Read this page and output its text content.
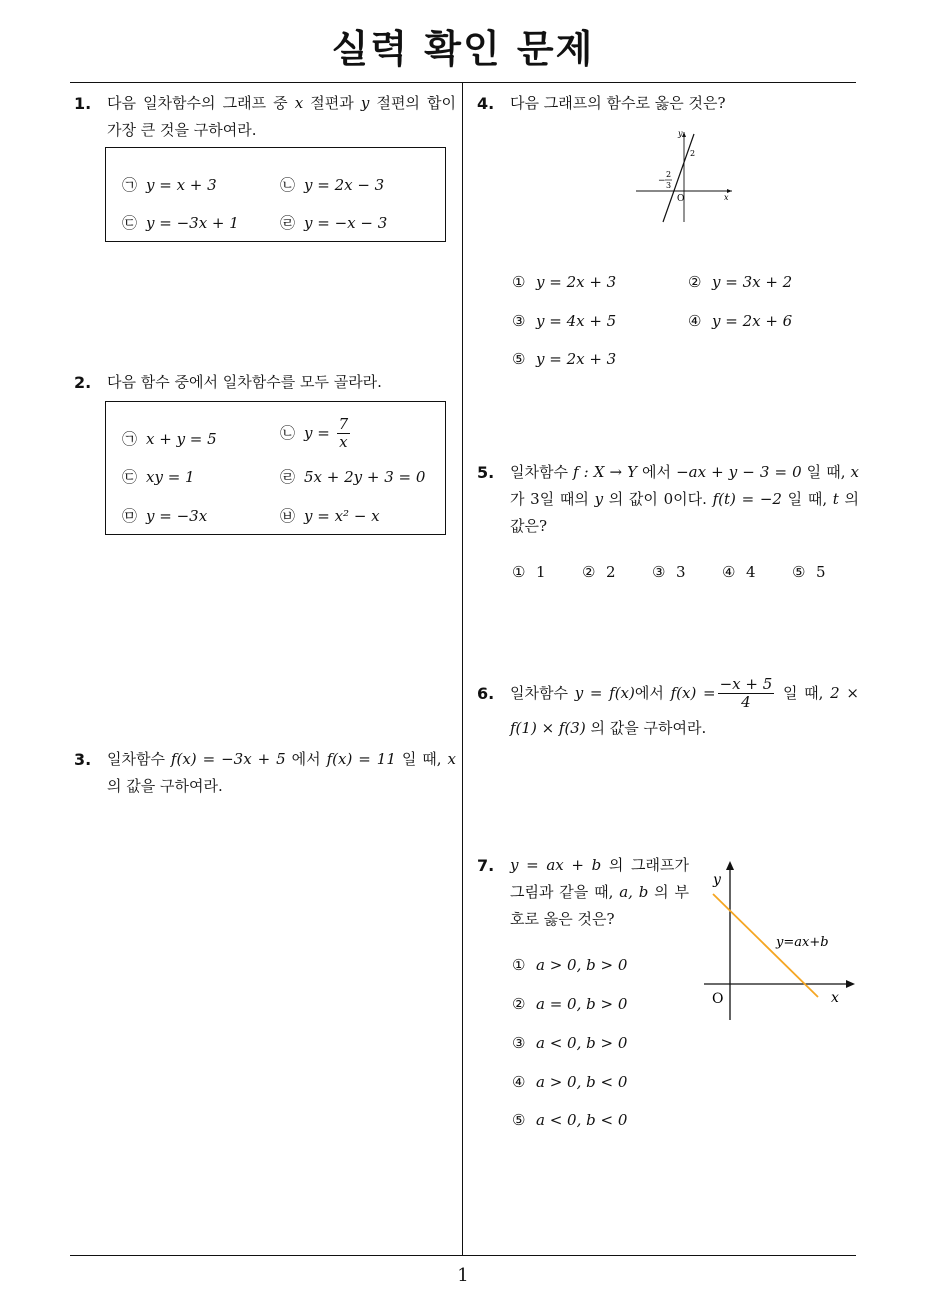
실력 확인 문제
1
1. 다음 일차함수의 그래프 중 x 절편과 y 절편의 합이 가장 큰 것을 구하여라.
㉠ y = x + 3	㉡ y = 2x − 3
㉢ y = −3x + 1	㉣ y = −x − 3
2. 다음 함수 중에서 일차함수를 모두 골라라.
㉠ x + y = 5	㉡ $y = \frac{7}{x}$
㉢ xy = 1	㉣ 5x + 2y + 3 = 0
㉤ y = −3x	㉥ y = x² − x
3. 일차함수 f(x) = −3x + 5 에서 f(x) = 11 일 때, x 의 값을 구하여라.
4. 다음 그래프의 함수로 옳은 것은?
y
x
O
2
−
2
3
① y = 2x + 3	② y = 3x + 2
③ y = 4x + 5	④ y = 2x + 6
⑤ y = 2x + 3
5. 일차함수 f : X → Y 에서 −ax + y − 3 = 0 일 때, x 가 3일 때의 y 의 값이 0이다. f(t) = −2 일 때, t 의 값은?
① 1 ② 2 ③ 3 ④ 4 ⑤ 5
6. 일차함수 y = f(x)에서 $f(x) = \frac{-x + 5}{4}$ 일 때, 2 × f(1) × f(3) 의 값을 구하여라.
7. y = ax + b 의 그래프가 그림과 같을 때, a, b 의 부호로 옳은 것은?
y
x
O
y=ax+b
① a > 0, b > 0
② a = 0, b > 0
③ a < 0, b > 0
④ a > 0, b < 0
⑤ a < 0, b < 0
